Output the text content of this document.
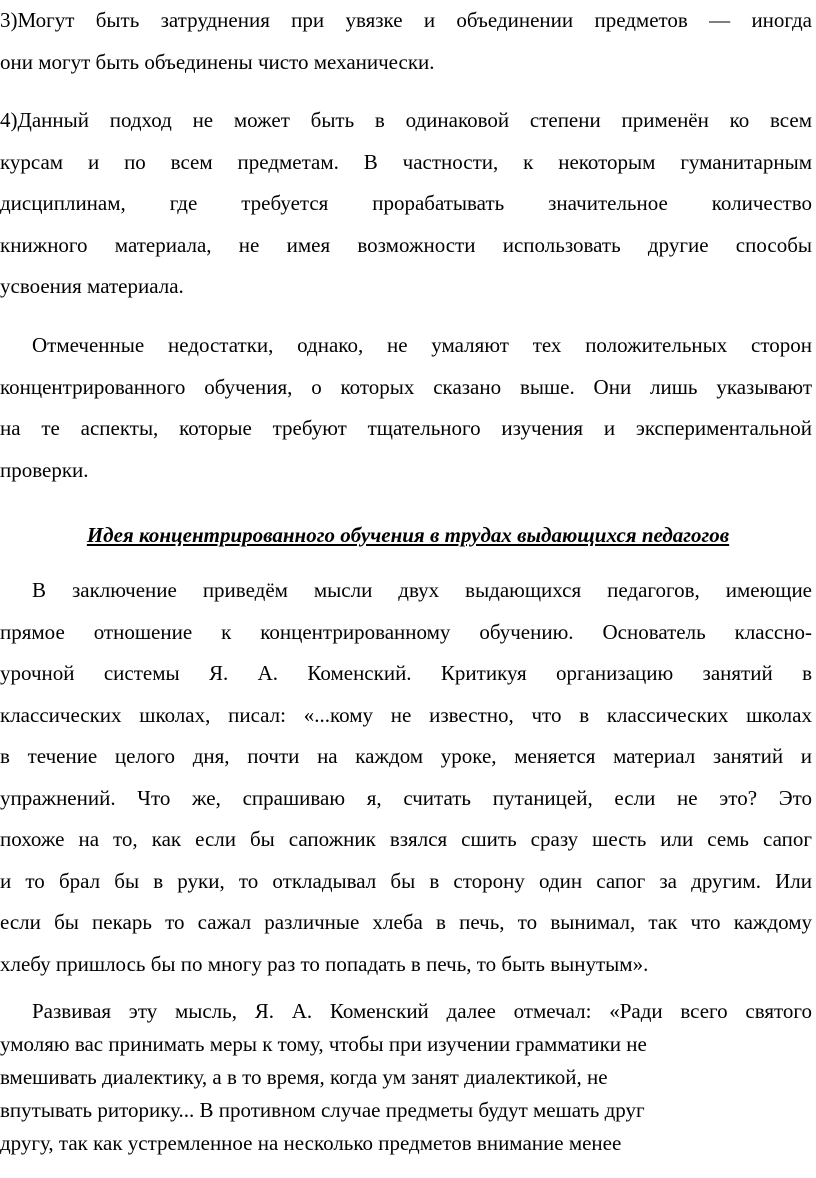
3)Могут быть затруднения при увязке и объединении предметов — иногда
они могут быть объединены чисто механически.

4)Данный подход не может быть в одинаковой степени применён ко всем
курсам и по всем предметам. В частности, к некоторым гуманитарным
дисциплинам, где требуется прорабатывать значительное количество
книжного материала, не имея возможности использовать другие способы
усвоения материала.

Отмеченные недостатки, однако, не умаляют тех положительных сторон
концентрированного обучения, о которых сказано выше. Они лишь указывают
на те аспекты, которые требуют тщательного изучения и экспериментальной
проверки.

Идея концентрированного обучения в трудах выдающихся педагогов

В заключение приведём мысли двух выдающихся педагогов, имеющие
прямое отношение к концентрированному обучению. Основатель классно-
урочной системы Я. А. Коменский. Критикуя организацию занятий в
классических школах, писал: «...кому не известно, что в классических школах
в течение целого дня, почти на каждом уроке, меняется материал занятий и
упражнений. Что же, спрашиваю я, считать путаницей, если не это? Это
похоже на то, как если бы сапожник взялся сшить сразу шесть или семь сапог
и то брал бы в руки, то откладывал бы в сторону один сапог за другим. Или
если бы пекарь то сажал различные хлеба в печь, то вынимал, так что каждому
хлебу пришлось бы по многу раз то попадать в печь, то быть вынутым».

Развивая эту мысль, Я. А. Коменский далее отмечал: «Ради всего святого
умоляю вас принимать меры к тому, чтобы при изучении грамматики не
вмешивать диалектику, а в то время, когда ум занят диалектикой, не
впутывать риторику... В противном случае предметы будут мешать друг
другу, так как устремленное на несколько предметов внимание менее
